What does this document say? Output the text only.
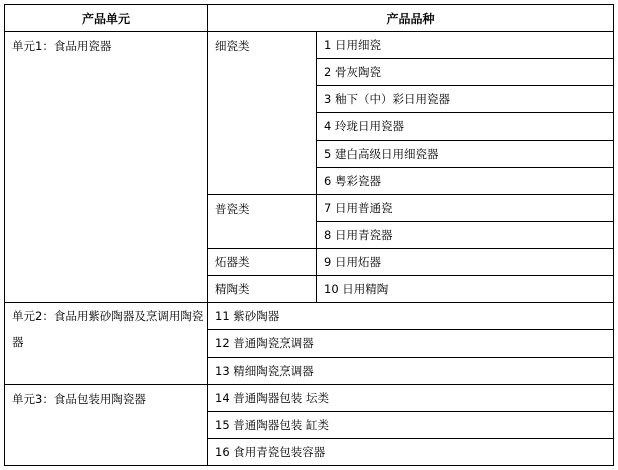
产品单元	产品品种	
单元1：食品用瓷器	细瓷类	1 日用细瓷
		2 骨灰陶瓷
		3 釉下（中）彩日用瓷器
		4 玲珑日用瓷器
		5 建白高级日用细瓷器
		6 粤彩瓷器
	普瓷类	7 日用普通瓷
		8 日用青瓷器
	炻器类	9 日用炻器
	精陶类	10 日用精陶
单元2：食品用紫砂陶器及烹调用陶瓷器	11 紫砂陶器	
	12 普通陶瓷烹调器	
	13 精细陶瓷烹调器	
单元3：食品包装用陶瓷器	14 普通陶器包装 坛类	
	15 普通陶器包装 缸类	
	16 食用青瓷包装容器	
